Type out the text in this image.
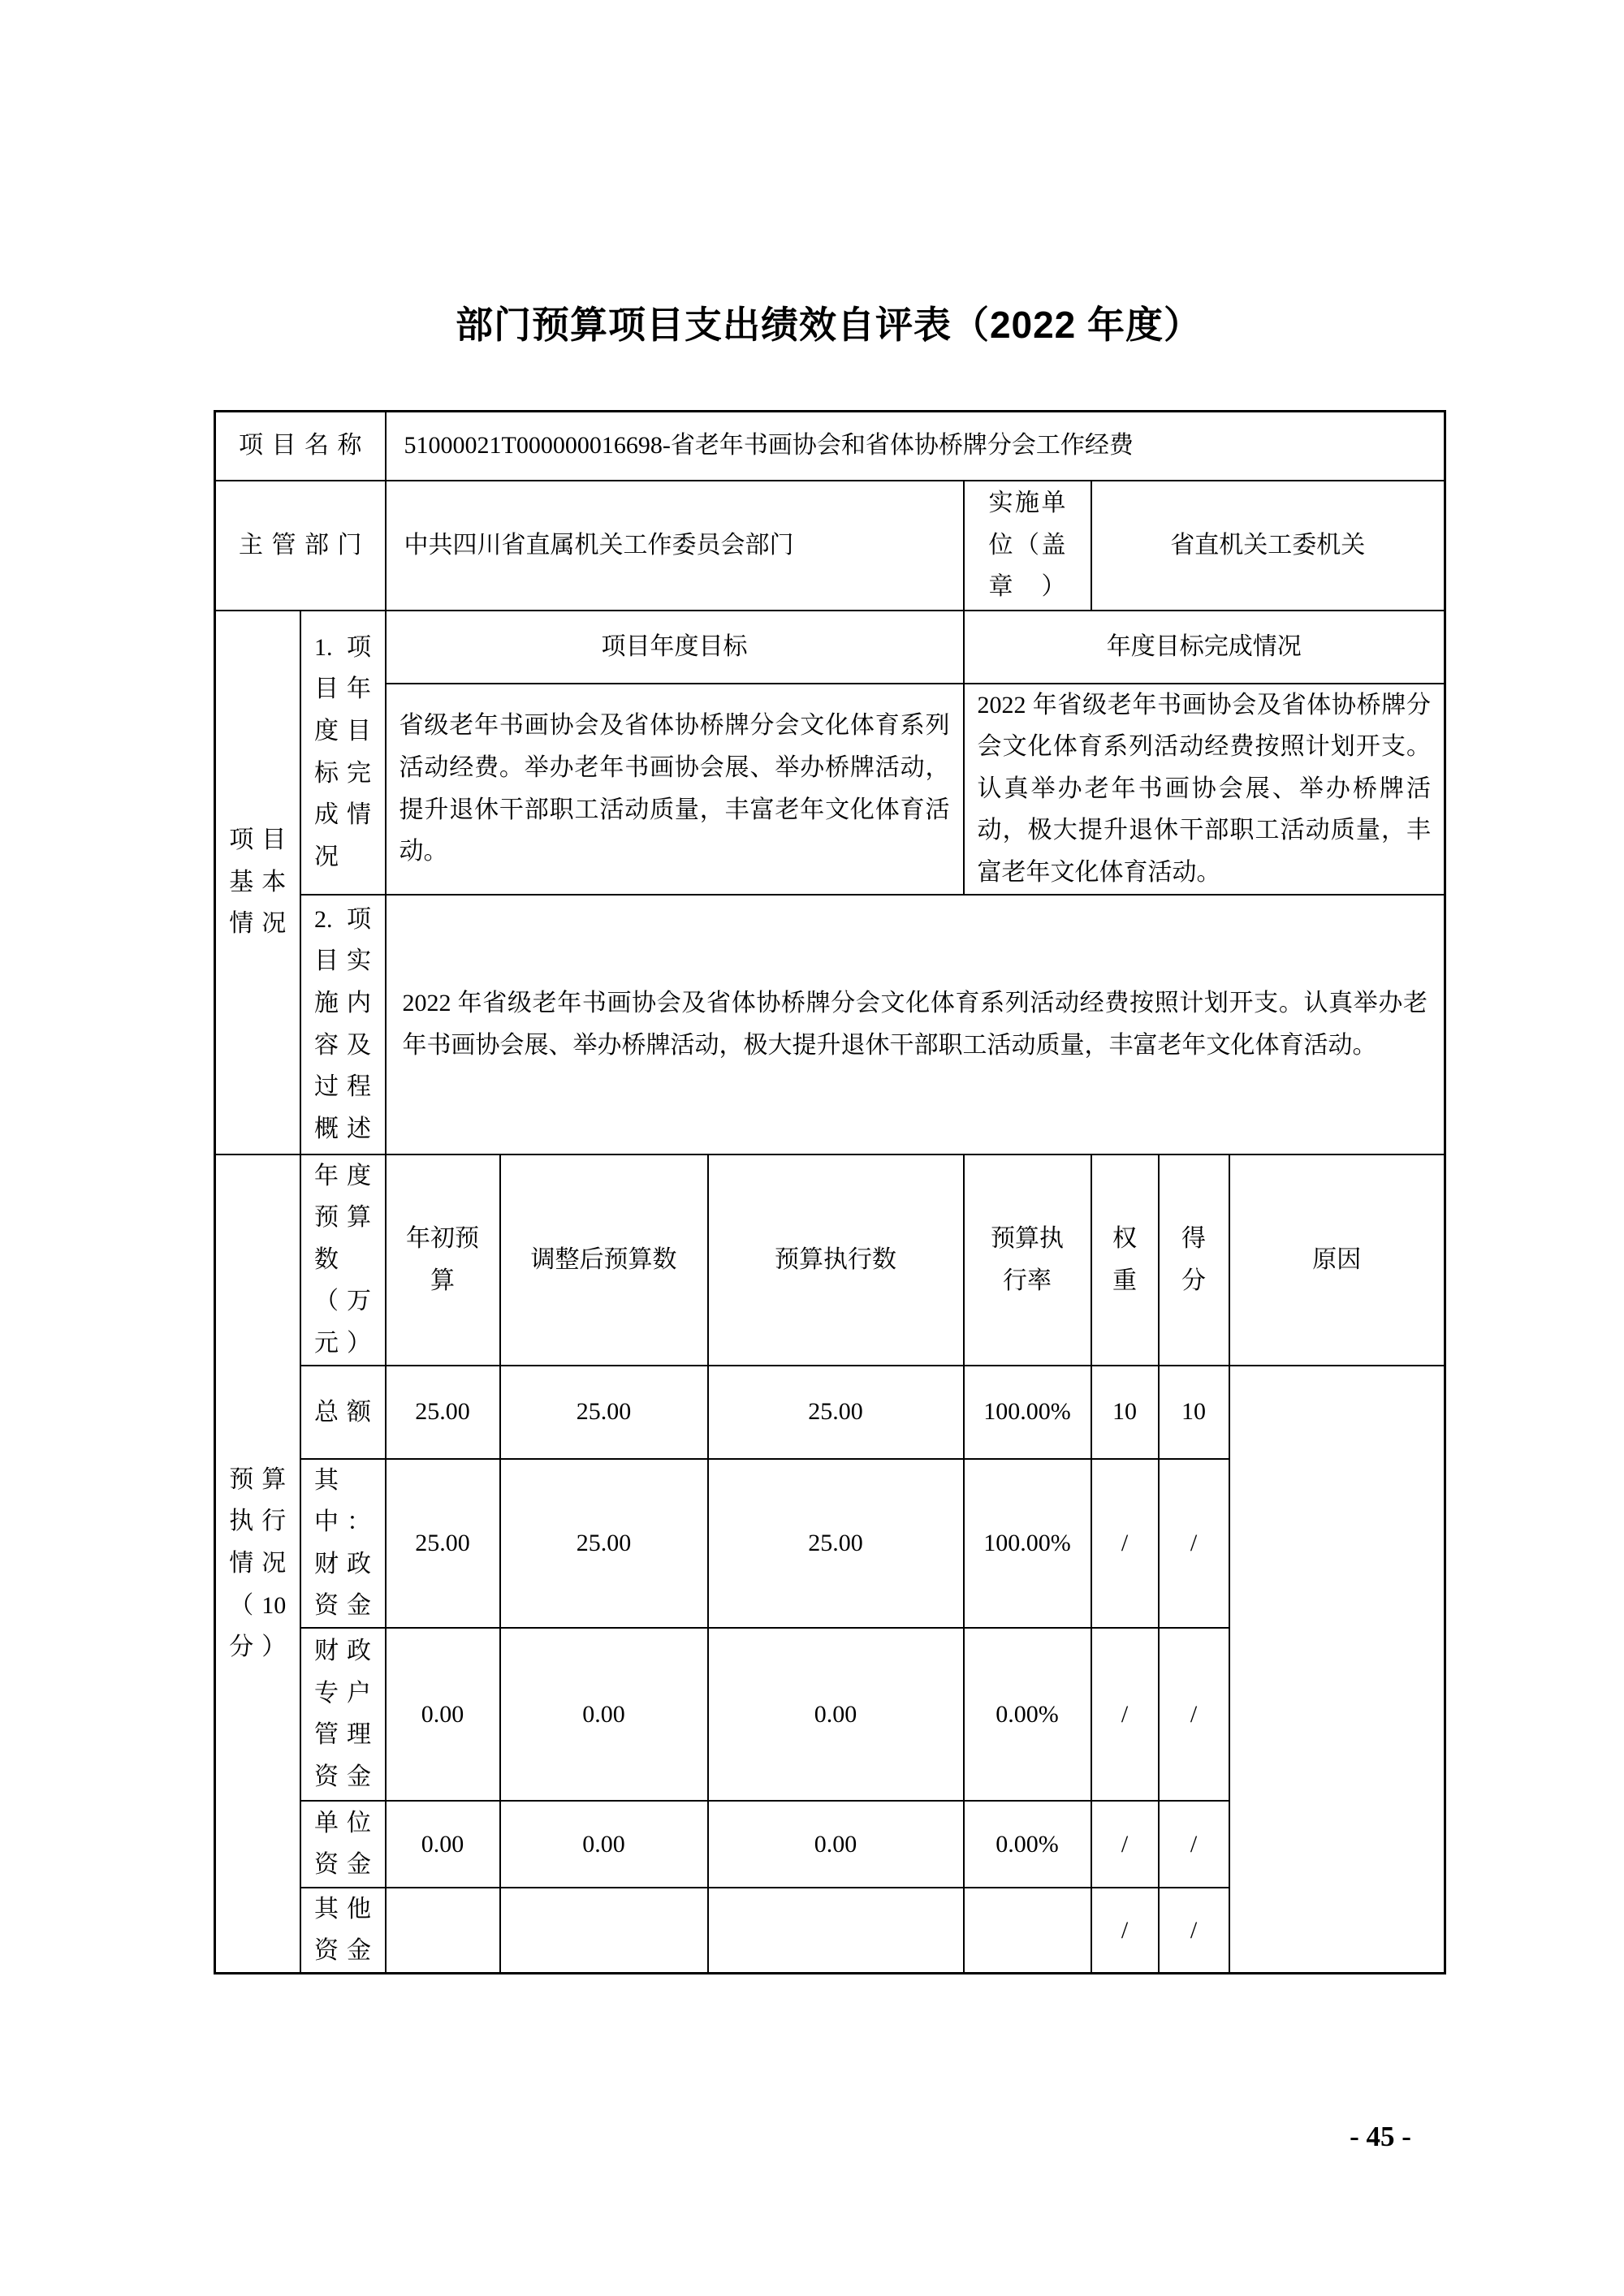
部门预算项目支出绩效自评表（2022 年度）
项目名称		51000021T000000016698-省老年书画协会和省体协桥牌分会工作经费						
主管部门		中共四川省直属机关工作委员会部门			实施单位（盖章）	省直机关工委机关		
项目基本情况	1.项目年度目标完成情况	项目年度目标			年度目标完成情况			
		省级老年书画协会及省体协桥牌分会文化体育系列活动经费。举办老年书画协会展、举办桥牌活动，提升退休干部职工活动质量，丰富老年文化体育活动。			2022 年省级老年书画协会及省体协桥牌分会文化体育系列活动经费按照计划开支。认真举办老年书画协会展、举办桥牌活动，极大提升退休干部职工活动质量，丰富老年文化体育活动。			
	2.项目实施内容及过程概述	2022 年省级老年书画协会及省体协桥牌分会文化体育系列活动经费按照计划开支。认真举办老年书画协会展、举办桥牌活动，极大提升退休干部职工活动质量，丰富老年文化体育活动。						
预算执行情况（10分）	年度预算数（万元）	年初预算	调整后预算数	预算执行数	预算执行率	权重	得分	原因
	总额	25.00	25.00	25.00	100.00%	10	10	
	其中：财政资金	25.00	25.00	25.00	100.00%	/	/	
	财政专户管理资金	0.00	0.00	0.00	0.00%	/	/	
	单位资金	0.00	0.00	0.00	0.00%	/	/	
	其他资金					/	/	
- 45 -
